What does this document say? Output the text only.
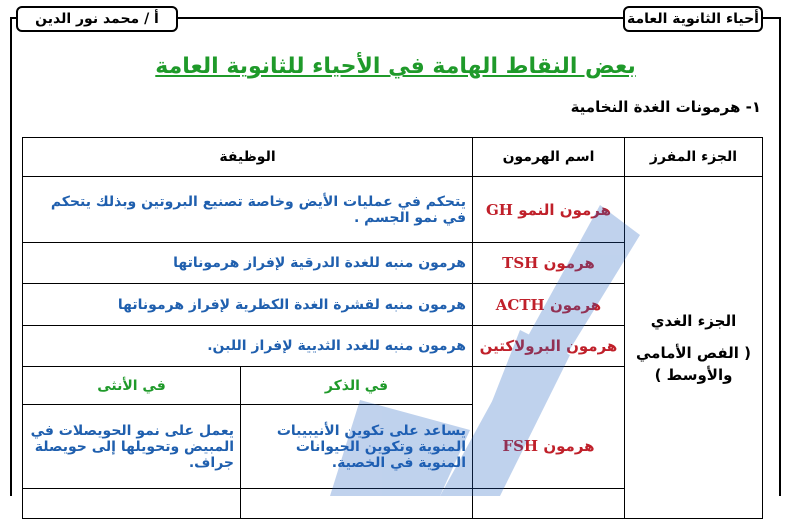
أحياء الثانوية العامة
أ / محمد نور الدين
بعض النقاط الهامة في الأحياء للثانوية العامة
١- هرمونات الغدة النخامية
الجزء المفرز	اسم الهرمون	الوظيفة	

الجزء الغدي
( الفص الأمامي
والأوسط )	هرمون النمو GH	يتحكم في عمليات الأيض وخاصة تصنيع البروتين وبذلك يتحكم في نمو الجسم .	
	هرمون TSH	هرمون منبه للغدة الدرقية لإفراز هرموناتها	
	هرمون ACTH	هرمون منبه لقشرة الغدة الكظرية لإفراز هرموناتها	
	هرمون البرولاكتين	هرمون منبه للغدد الثديية لإفراز اللبن.	
		في الذكر	في الأنثى
	هرمون FSH	يساعد على تكوين الأنيبيبات المنوية وتكوين الحيوانات المنوية في الخصية.	يعمل على نمو الحويصلات في المبيض وتحويلها إلى حويصلة جراف.
